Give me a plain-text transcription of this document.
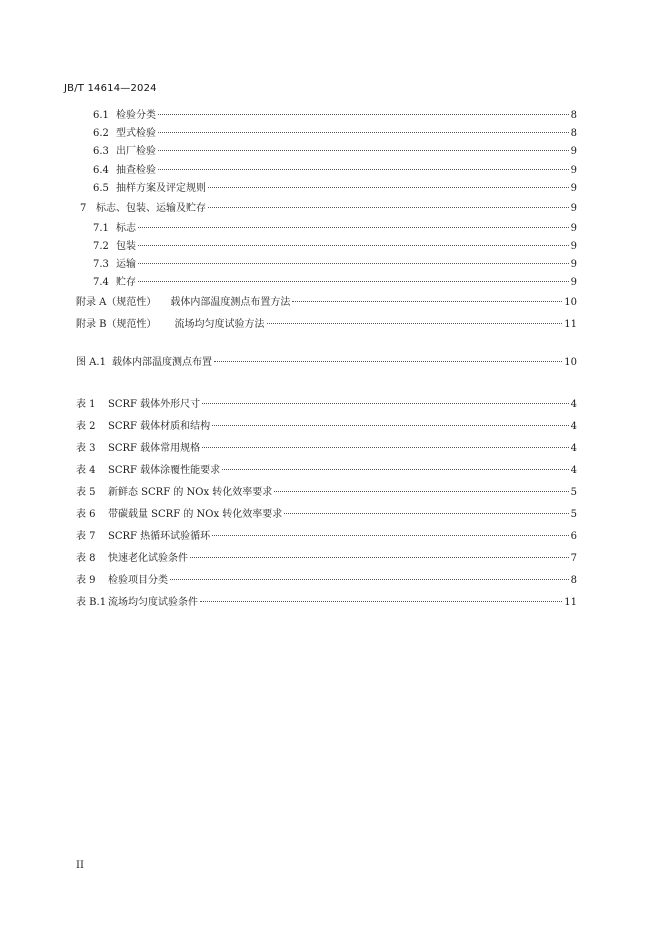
JB/T 14614—2024
6.1 检验分类	8
6.2 型式检验	8
6.3 出厂检验	9
6.4 抽查检验	9
6.5 抽样方案及评定规则	9
7 标志、包装、运输及贮存	9
7.1 标志	9
7.2 包装	9
7.3 运输	9
7.4 贮存	9
附录 A（规范性） 载体内部温度测点布置方法	10
附录 B（规范性） 流场均匀度试验方法	11
图 A.1 载体内部温度测点布置	10
表 1	SCRF 载体外形尺寸	4
表 2	SCRF 载体材质和结构	4
表 3	SCRF 载体常用规格	4
表 4	SCRF 载体涂覆性能要求	4
表 5	新鲜态 SCRF 的 NOx 转化效率要求	5
表 6	带碳载量 SCRF 的 NOx 转化效率要求	5
表 7	SCRF 热循环试验循环	6
表 8	快速老化试验条件	7
表 9	检验项目分类	8
表 B.1 流场均匀度试验条件	11
II
